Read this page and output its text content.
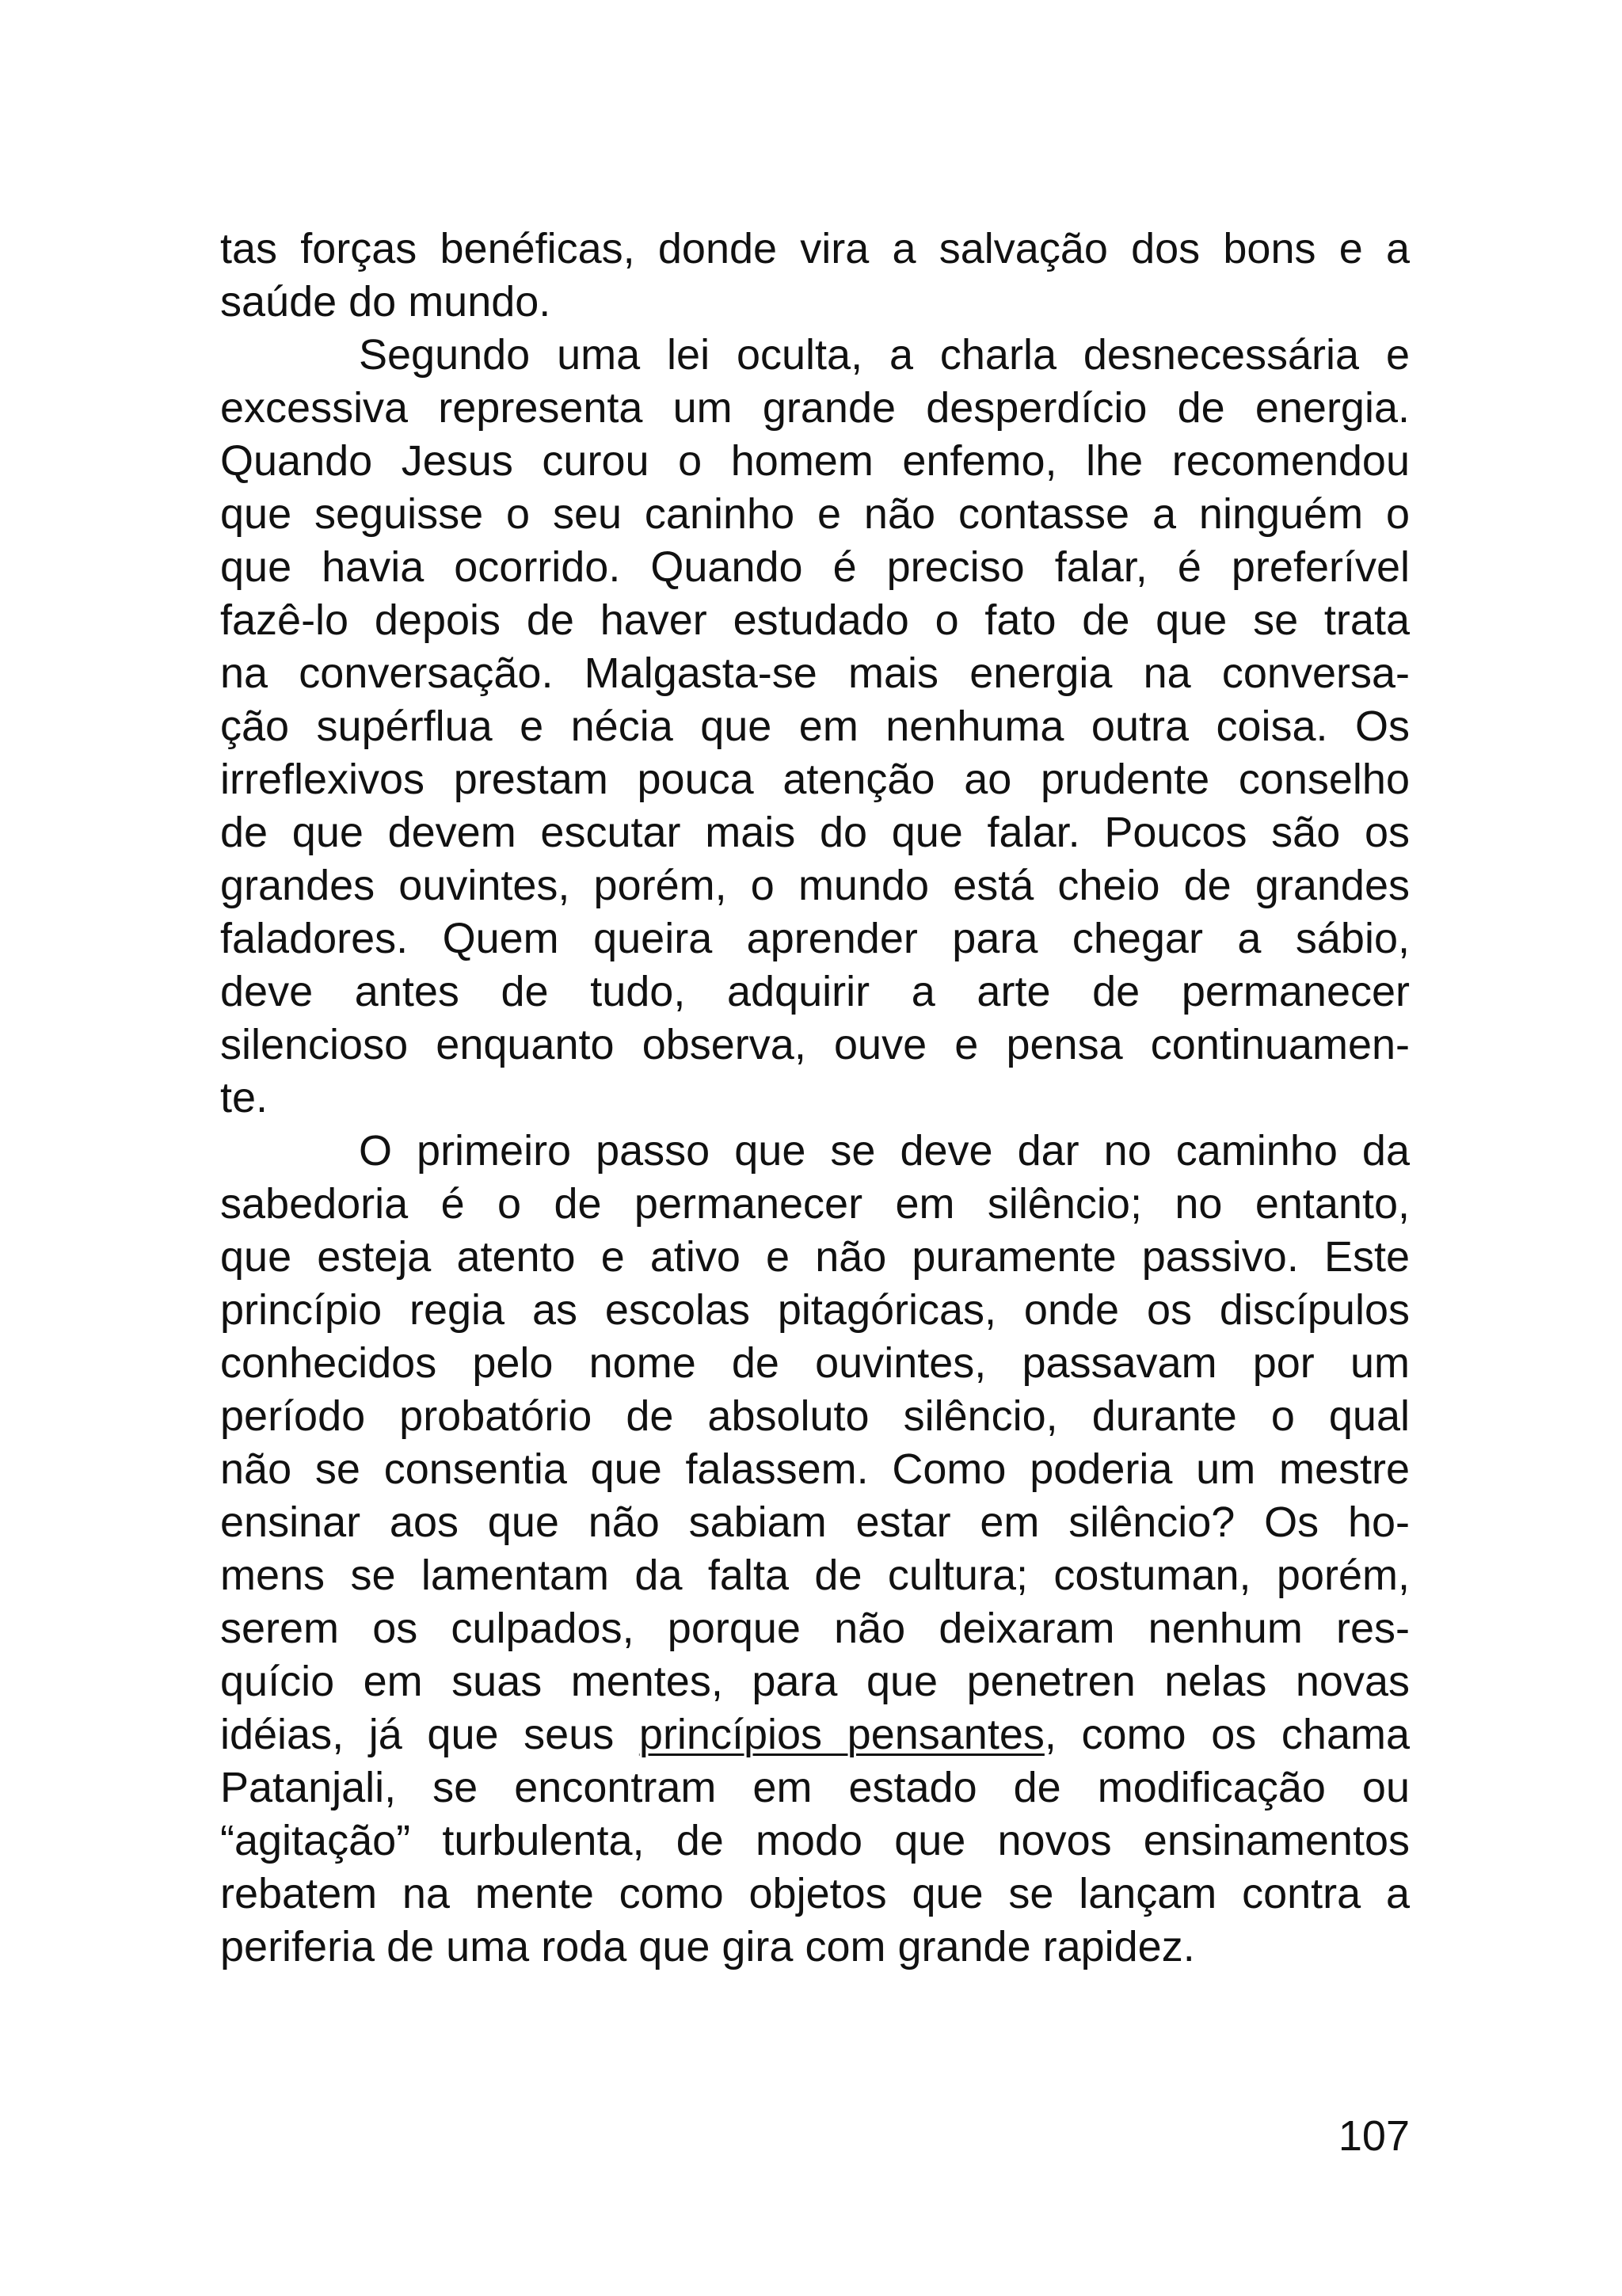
tas forças benéficas, donde vira a salvação dos bons e a
saúde do mundo.
Segundo uma lei oculta, a charla desnecessária e
excessiva representa um grande desperdício de energia.
Quando Jesus curou o homem enfemo, lhe recomendou
que seguisse o seu caninho e não contasse a ninguém o
que havia ocorrido. Quando é preciso falar, é preferível
fazê-lo depois de haver estudado o fato de que se trata
na conversação. Malgasta-se mais energia na conversa-
ção supérflua e nécia que em nenhuma outra coisa. Os
irreflexivos prestam pouca atenção ao prudente conselho
de que devem escutar mais do que falar. Poucos são os
grandes ouvintes, porém, o mundo está cheio de grandes
faladores. Quem queira aprender para chegar a sábio,
deve antes de tudo, adquirir a arte de permanecer
silencioso enquanto observa, ouve e pensa continuamen-
te.
O primeiro passo que se deve dar no caminho da
sabedoria é o de permanecer em silêncio; no entanto,
que esteja atento e ativo e não puramente passivo. Este
princípio regia as escolas pitagóricas, onde os discípulos
conhecidos pelo nome de ouvintes, passavam por um
período probatório de absoluto silêncio, durante o qual
não se consentia que falassem. Como poderia um mestre
ensinar aos que não sabiam estar em silêncio? Os ho-
mens se lamentam da falta de cultura; costuman, porém,
serem os culpados, porque não deixaram nenhum res-
quício em suas mentes, para que penetren nelas novas
idéias, já que seus princípios pensantes, como os chama
Patanjali, se encontram em estado de modificação ou
“agitação” turbulenta, de modo que novos ensinamentos
rebatem na mente como objetos que se lançam contra a
periferia de uma roda que gira com grande rapidez.
107
